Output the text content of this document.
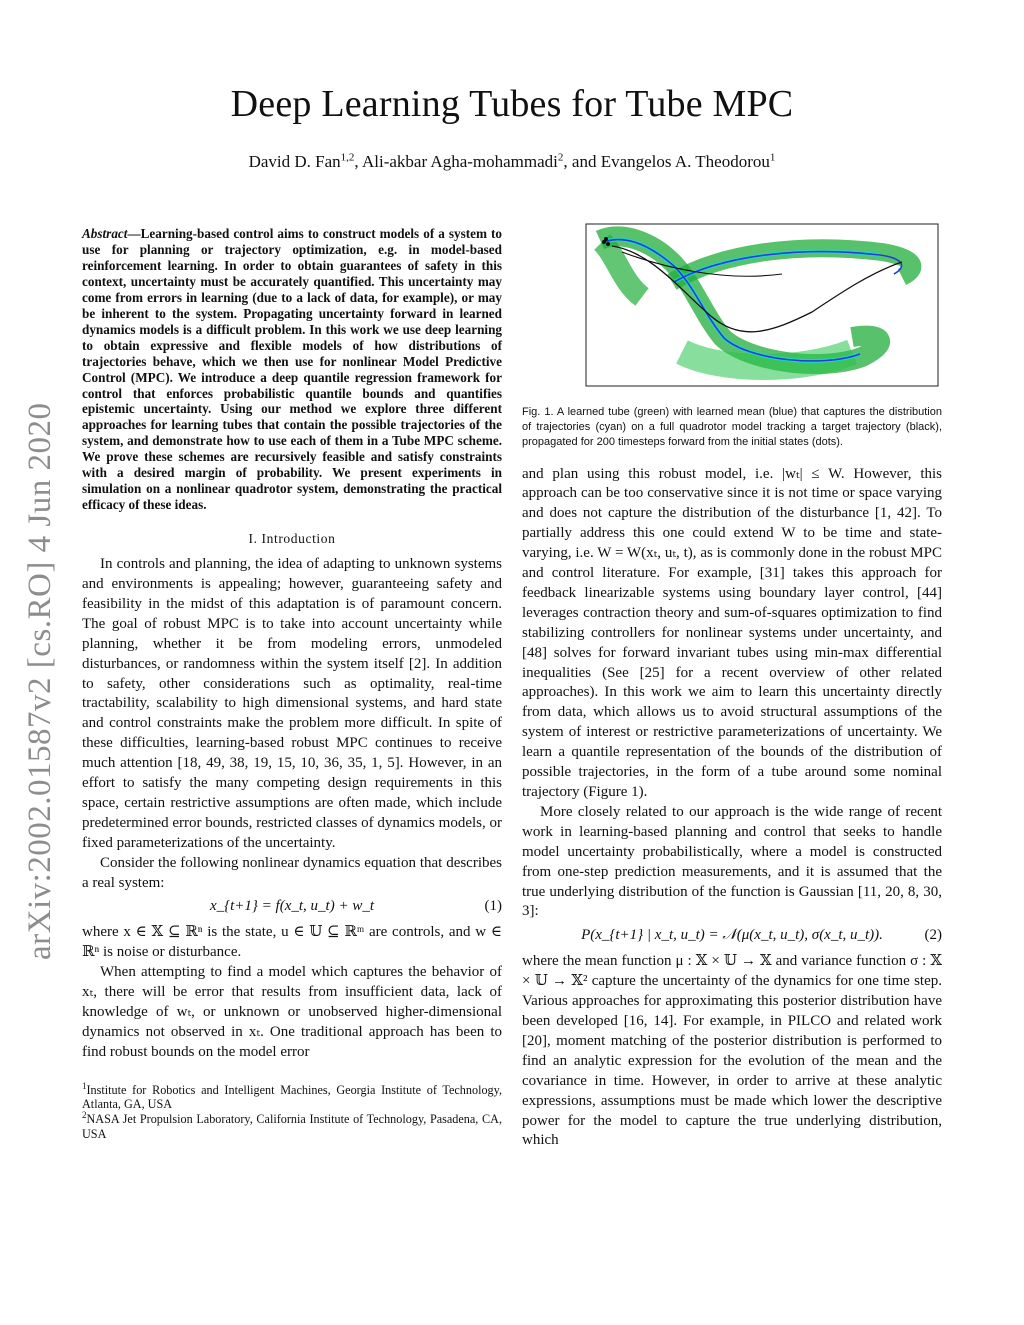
Deep Learning Tubes for Tube MPC
David D. Fan$^{1,2}$, Ali-akbar Agha-mohammadi$^2$, and Evangelos A. Theodorou$^1$
arXiv:2002.01587v2 [cs.RO] 4 Jun 2020
Abstract—Learning-based control aims to construct models of a system to use for planning or trajectory optimization, e.g. in model-based reinforcement learning. In order to obtain guarantees of safety in this context, uncertainty must be accurately quantified. This uncertainty may come from errors in learning (due to a lack of data, for example), or may be inherent to the system. Propagating uncertainty forward in learned dynamics models is a difficult problem. In this work we use deep learning to obtain expressive and flexible models of how distributions of trajectories behave, which we then use for nonlinear Model Predictive Control (MPC). We introduce a deep quantile regression framework for control that enforces probabilistic quantile bounds and quantifies epistemic uncertainty. Using our method we explore three different approaches for learning tubes that contain the possible trajectories of the system, and demonstrate how to use each of them in a Tube MPC scheme. We prove these schemes are recursively feasible and satisfy constraints with a desired margin of probability. We present experiments in simulation on a nonlinear quadrotor system, demonstrating the practical efficacy of these ideas.
I. Introduction

In controls and planning, the idea of adapting to unknown systems and environments is appealing; however, guaranteeing safety and feasibility in the midst of this adaptation is of paramount concern. The goal of robust MPC is to take into account uncertainty while planning, whether it be from modeling errors, unmodeled disturbances, or randomness within the system itself [2]. In addition to safety, other considerations such as optimality, real-time tractability, scalability to high dimensional systems, and hard state and control constraints make the problem more difficult. In spite of these difficulties, learning-based robust MPC continues to receive much attention [18, 49, 38, 19, 15, 10, 36, 35, 1, 5]. However, in an effort to satisfy the many competing design requirements in this space, certain restrictive assumptions are often made, which include predetermined error bounds, restricted classes of dynamics models, or fixed parameterizations of the uncertainty.

Consider the following nonlinear dynamics equation that describes a real system:

x_{t+1} = f(x_t, u_t) + w_t	(1)

where x ∈ 𝕏 ⊆ ℝⁿ is the state, u ∈ 𝕌 ⊆ ℝᵐ are controls, and w ∈ ℝⁿ is noise or disturbance.

When attempting to find a model which captures the behavior of xₜ, there will be error that results from insufficient data, lack of knowledge of wₜ, or unknown or unobserved higher-dimensional dynamics not observed in xₜ. One traditional approach has been to find robust bounds on the model error

$^1$Institute for Robotics and Intelligent Machines, Georgia Institute of Technology, Atlanta, GA, USA
$^2$NASA Jet Propulsion Laboratory, California Institute of Technology, Pasadena, CA, USA
Fig. 1. A learned tube (green) with learned mean (blue) that captures the distribution of trajectories (cyan) on a full quadrotor model tracking a target trajectory (black), propagated for 200 timesteps forward from the initial states (dots).

and plan using this robust model, i.e. |wₜ| ≤ W. However, this approach can be too conservative since it is not time or space varying and does not capture the distribution of the disturbance [1, 42]. To partially address this one could extend W to be time and state-varying, i.e. W = W(xₜ, uₜ, t), as is commonly done in the robust MPC and control literature. For example, [31] takes this approach for feedback linearizable systems using boundary layer control, [44] leverages contraction theory and sum-of-squares optimization to find stabilizing controllers for nonlinear systems under uncertainty, and [48] solves for forward invariant tubes using min-max differential inequalities (See [25] for a recent overview of other related approaches). In this work we aim to learn this uncertainty directly from data, which allows us to avoid structural assumptions of the system of interest or restrictive parameterizations of uncertainty. We learn a quantile representation of the bounds of the distribution of possible trajectories, in the form of a tube around some nominal trajectory (Figure 1).

More closely related to our approach is the wide range of recent work in learning-based planning and control that seeks to handle model uncertainty probabilistically, where a model is constructed from one-step prediction measurements, and it is assumed that the true underlying distribution of the function is Gaussian [11, 20, 8, 30, 3]:

P(x_{t+1} | x_t, u_t) = 𝒩(μ(x_t, u_t), σ(x_t, u_t)).	(2)

where the mean function μ : 𝕏 × 𝕌 → 𝕏 and variance function σ : 𝕏 × 𝕌 → 𝕏² capture the uncertainty of the dynamics for one time step. Various approaches for approximating this posterior distribution have been developed [16, 14]. For example, in PILCO and related work [20], moment matching of the posterior distribution is performed to find an analytic expression for the evolution of the mean and the covariance in time. However, in order to arrive at these analytic expressions, assumptions must be made which lower the descriptive power for the model to capture the true underlying distribution, which
